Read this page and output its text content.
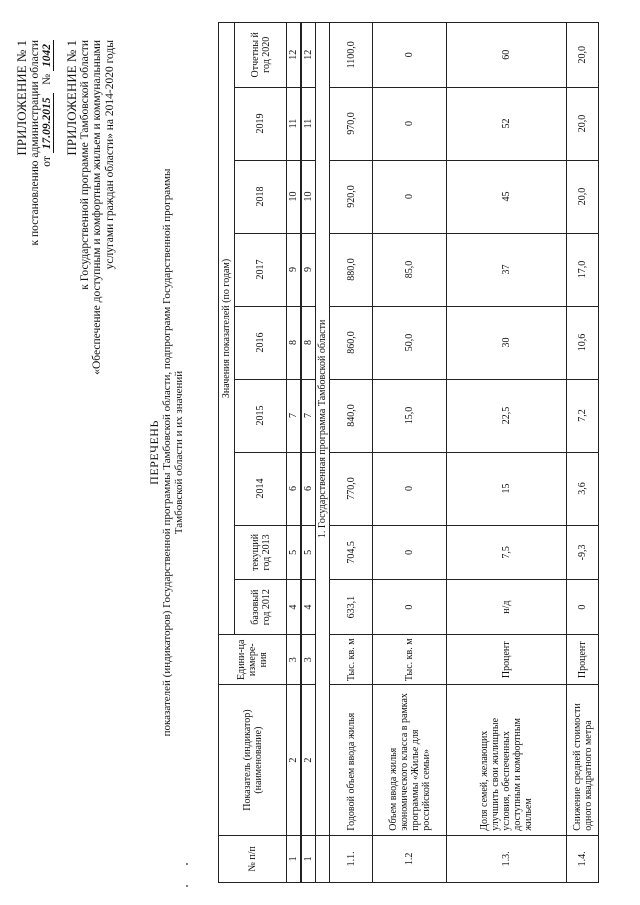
ПРИЛОЖЕНИЕ № 1 к постановлению администрации области от 17.09.2015   № 1042 ПРИЛОЖЕНИЕ № 1 к Государственной программе Тамбовской области «Обеспечение доступным и комфортным жильем и коммунальными услугами граждан области» на 2014-2020 годы
ПЕРЕЧЕНЬ показателей (индикаторов) Государственной программы Тамбовской области, подпрограмм Государственной программы Тамбовской области и их значений
№ п/п	Показатель (индикатор) (наименование)	Едини-ца измере-ния	Значения показателей (по годам)								
			базовый год 2012	текущий год 2013	2014	2015	2016	2017	2018	2019	Отчетны й год 2020
1	2	3	4	5	6	7	8	9	10	11	12
1	2	3	4	5	6	7	8	9	10	11	12
	1. Государственная программа Тамбовской области										
1.1.	Годовой объем ввода жилья	Тыс. кв. м	633,1	704,5	770,0	840,0	860,0	880,0	920,0	970,0	1100,0
1.2	Объем ввода жилья экономического класса в рамках программы «Жилье для российской семьи»	Тыс. кв. м	0	0	0	15,0	50,0	85,0	0	0	0
1.3.	Доля семей, желающих улучшить свои жилищные условия, обеспеченных доступным и комфортным жильем	Процент	н/д	7,5	15	22,5	30	37	45	52	60
1.4.	Снижение средней стоимости одного квадратного метра	Процент	0	-9,3	3,6	7,2	10,6	17,0	20,0	20,0	20,0
